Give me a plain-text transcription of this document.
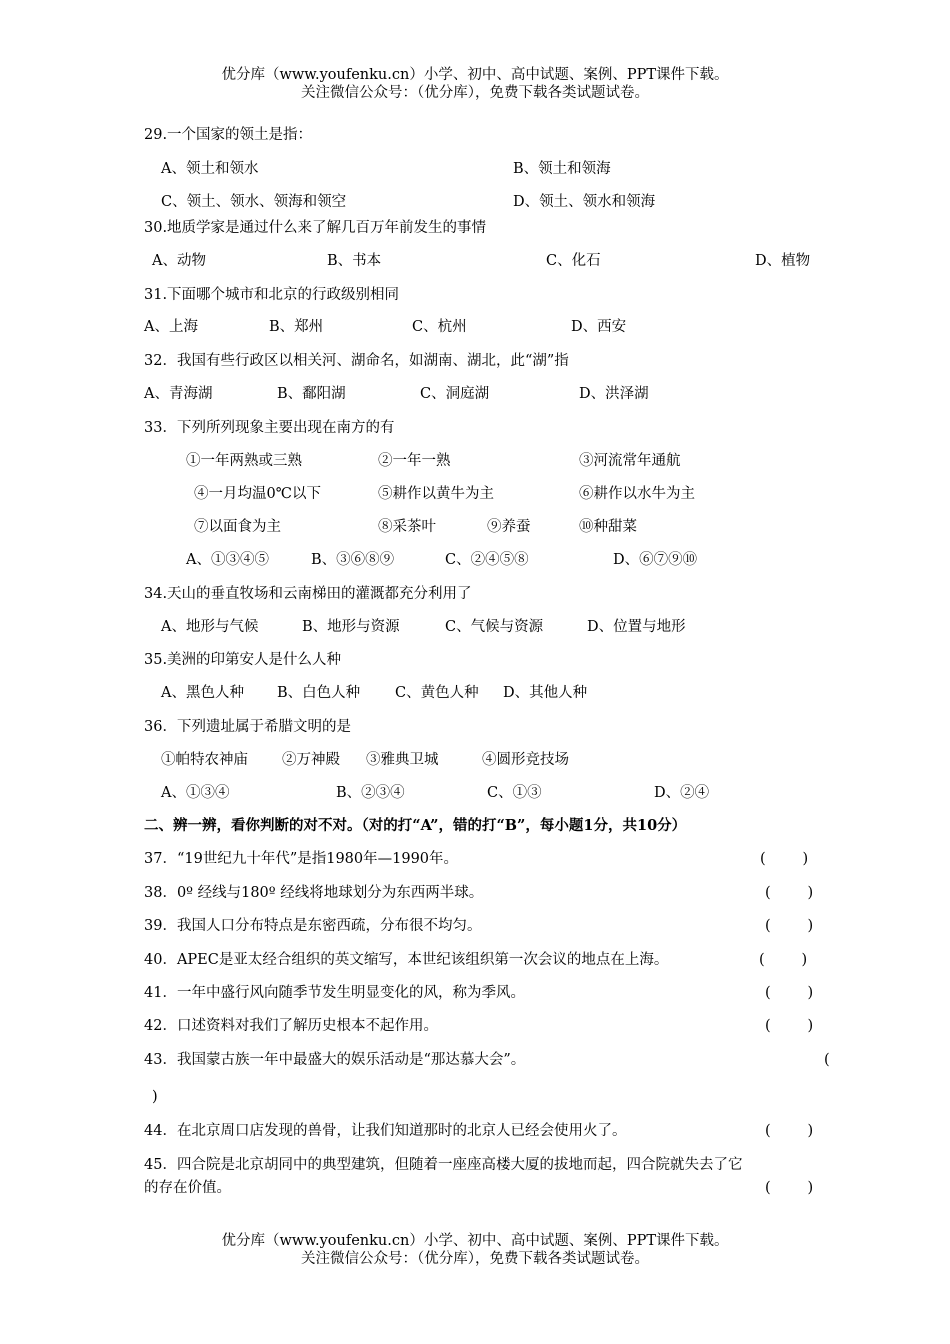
优分库（www.youfenku.cn）小学、初中、高中试题、案例、PPT课件下载。
关注微信公众号：（优分库），免费下载各类试题试卷。
29.一个国家的领土是指：
A、领土和领水	B、领土和领海
C、领土、领水、领海和领空	D、领土、领水和领海
30.地质学家是通过什么来了解几百万年前发生的事情
A、动物	B、书本	C、化石	D、植物
31.下面哪个城市和北京的行政级别相同
A、上海	B、郑州	C、杭州	D、西安
32．我国有些行政区以相关河、湖命名，如湖南、湖北，此“湖”指
A、青海湖	B、鄱阳湖	C、洞庭湖	D、洪泽湖
33．下列所列现象主要出现在南方的有
①一年两熟或三熟	②一年一熟	③河流常年通航
④一月均温0℃以下	⑤耕作以黄牛为主	⑥耕作以水牛为主
⑦以面食为主	⑧采茶叶	⑨养蚕	⑩种甜菜
A、①③④⑤	B、③⑥⑧⑨	C、②④⑤⑧	D、⑥⑦⑨⑩
34.天山的垂直牧场和云南梯田的灌溉都充分利用了
A、地形与气候	B、地形与资源	C、气候与资源	D、位置与地形
35.美洲的印第安人是什么人种
A、黑色人种 B、白色人种 C、黄色人种 D、其他人种
36．下列遗址属于希腊文明的是
①帕特农神庙 ②万神殿 ③雅典卫城	④圆形竞技场
A、①③④	B、②③④	C、①③	D、②④
二、辨一辨，看你判断的对不对。（对的打“A”，错的打“B”，每小题1分，共10分）
37．“19世纪九十年代”是指1980年—1990年。	(        )
38．0º 经线与180º 经线将地球划分为东西两半球。	(        )
39．我国人口分布特点是东密西疏，分布很不均匀。	(        )
40．APEC是亚太经合组织的英文缩写，本世纪该组织第一次会议的地点在上海。	(        )
41．一年中盛行风向随季节发生明显变化的风，称为季风。	(        )
42．口述资料对我们了解历史根本不起作用。	(        )
43．我国蒙古族一年中最盛大的娱乐活动是“那达慕大会”。	(
)
44．在北京周口店发现的兽骨，让我们知道那时的北京人已经会使用火了。	(        )
45．四合院是北京胡同中的典型建筑，但随着一座座高楼大厦的拔地而起，四合院就失去了它
的存在价值。	(        )
优分库（www.youfenku.cn）小学、初中、高中试题、案例、PPT课件下载。
关注微信公众号：（优分库），免费下载各类试题试卷。
